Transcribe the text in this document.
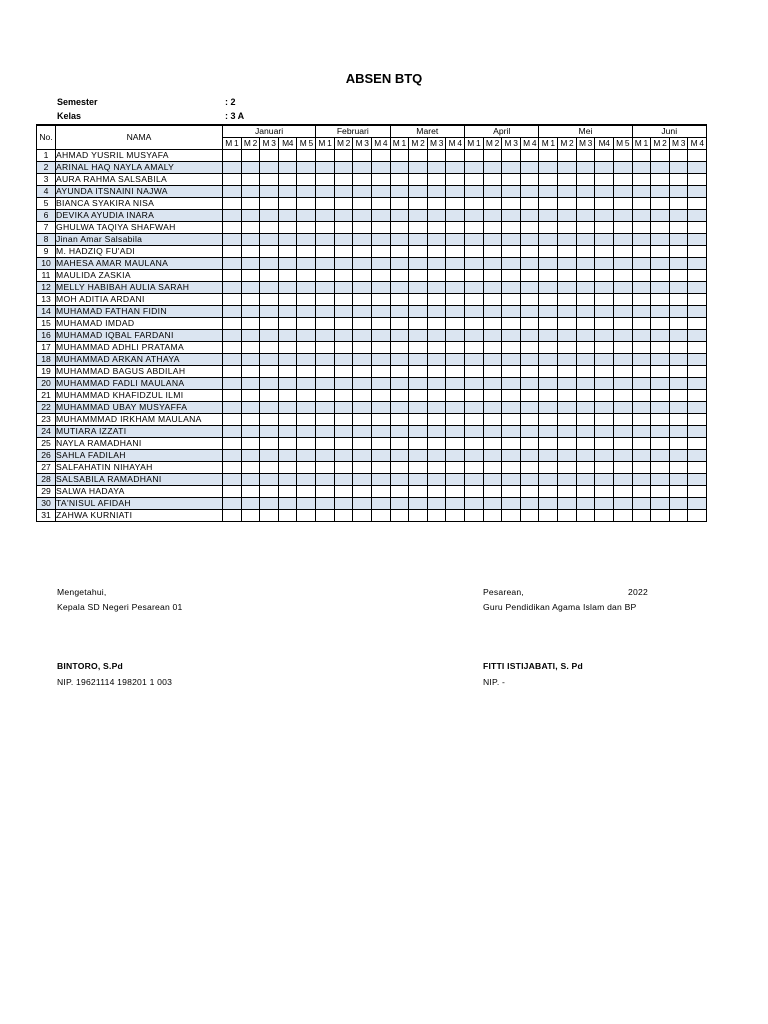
ABSEN BTQ
Semester	: 2
Kelas	: 3 A
No.	NAMA	Januari					Februari				Maret				April				Mei					Juni			
		M 1	M 2	M 3	M4	M 5	M 1	M 2	M 3	M 4	M 1	M 2	M 3	M 4	M 1	M 2	M 3	M 4	M 1	M 2	M 3	M4	M 5	M 1	M 2	M 3	M 4
1	AHMAD YUSRIL MUSYAFA																										
2	ARINAL HAQ NAYLA AMALY																										
3	AURA RAHMA SALSABILA																										
4	AYUNDA ITSNAINI NAJWA																										
5	BIANCA SYAKIRA NISA																										
6	DEVIKA AYUDIA INARA																										
7	GHULWA TAQIYA SHAFWAH																										
8	Jinan Amar Salsabila																										
9	M. HADZIQ FU'ADI																										
10	MAHESA AMAR MAULANA																										
11	MAULIDA ZASKIA																										
12	MELLY HABIBAH AULIA SARAH																										
13	MOH ADITIA ARDANI																										
14	MUHAMAD FATHAN FIDIN																										
15	MUHAMAD IMDAD																										
16	MUHAMAD IQBAL FARDANI																										
17	MUHAMMAD ADHLI PRATAMA																										
18	MUHAMMAD ARKAN ATHAYA																										
19	MUHAMMAD BAGUS ABDILAH																										
20	MUHAMMAD FADLI MAULANA																										
21	MUHAMMAD KHAFIDZUL ILMI																										
22	MUHAMMAD UBAY MUSYAFFA																										
23	MUHAMMMAD IRKHAM MAULANA																										
24	MUTIARA IZZATI																										
25	NAYLA RAMADHANI																										
26	SAHLA FADILAH																										
27	SALFAHATIN NIHAYAH																										
28	SALSABILA RAMADHANI																										
29	SALWA HADAYA																										
30	TA'NISUL AFIDAH																										
31	ZAHWA KURNIATI																										
Mengetahui,
Kepala SD Negeri Pesarean 01
BINTORO, S.Pd
NIP. 19621114 198201 1 003
Pesarean,	2022
Guru Pendidikan Agama Islam dan BP
FITTI ISTIJABATI, S. Pd
NIP. -
